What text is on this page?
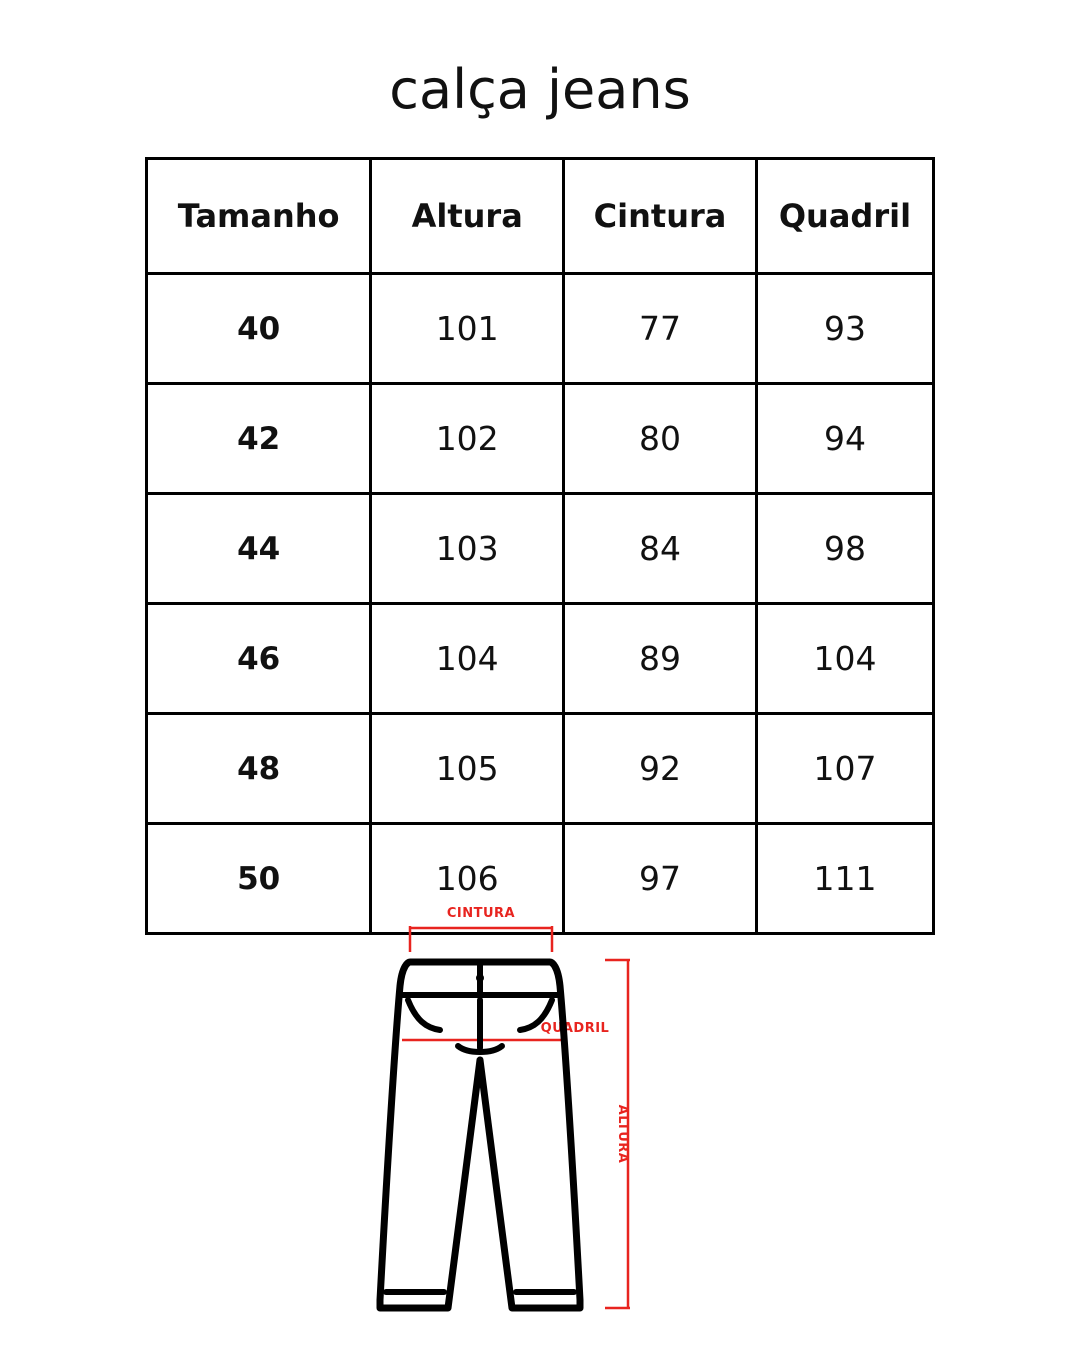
calça jeans
Tamanho	Altura	Cintura	Quadril
40	101	77	93
42	102	80	94
44	103	84	98
46	104	89	104
48	105	92	107
50	106	97	111
CINTURA
QUADRIL
ALTURA
